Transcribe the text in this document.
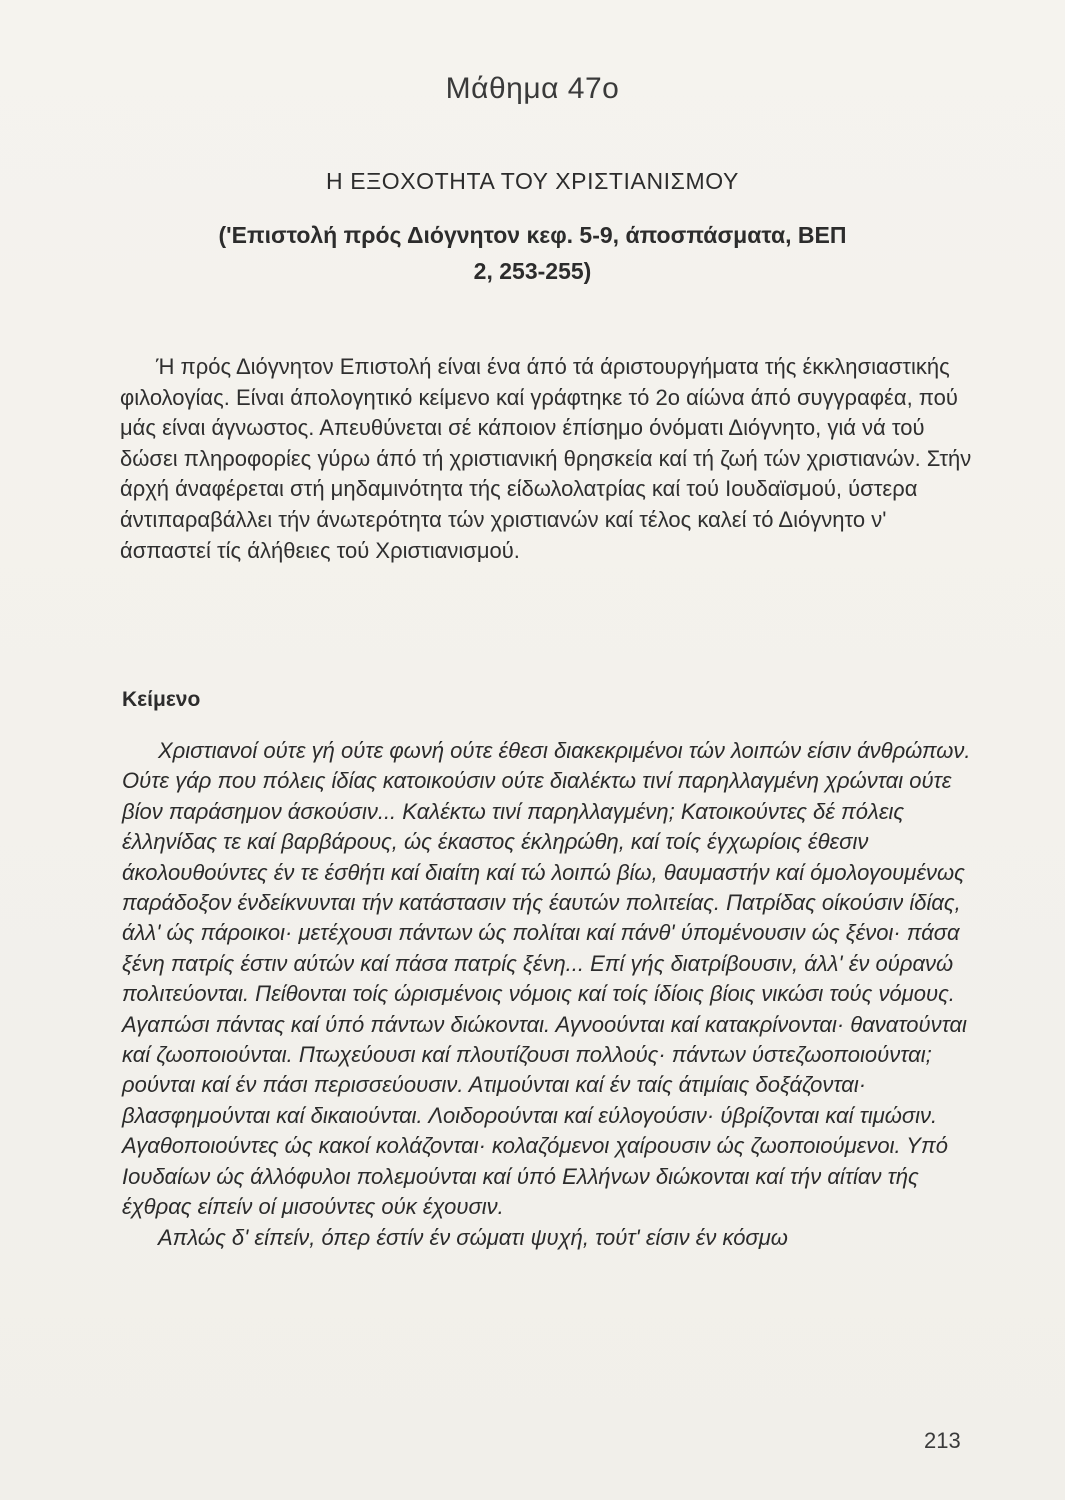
Μάθημα 47ο
Η ΕΞΟΧΟΤΗΤΑ ΤΟΥ ΧΡΙΣΤΙΑΝΙΣΜΟΥ
('Επιστολή πρός Διόγνητον κεφ. 5-9, άποσπάσματα, ΒΕΠ
2, 253-255)

Ή πρός Διόγνητον Επιστολή είναι ένα άπό τά άριστουργήματα τής έκκλησιαστικής φιλολογίας. Είναι άπολογητικό κείμενο καί γράφτηκε τό 2ο αίώνα άπό συγγραφέα, πού μάς είναι άγνωστος. Απευθύνεται σέ κάποιον έπίσημο όνόματι Διόγνητο, γιά νά τού δώσει πληροφορίες γύρω άπό τή χριστιανική θρησκεία καί τή ζωή τών χριστιανών. Στήν άρχή άναφέρεται στή μηδαμινότητα τής είδωλολατρίας καί τού Ιουδαϊσμού, ύστερα άντιπαραβάλλει τήν άνωτερότητα τών χριστιανών καί τέλος καλεί τό Διόγνητο ν' άσπαστεί τίς άλήθειες τού Χριστιανισμού.

Κείμενο

Χριστιανοί ούτε γή ούτε φωνή ούτε έθεσι διακεκριμένοι τών λοιπών είσιν άνθρώπων. Ούτε γάρ που πόλεις ίδίας κατοικούσιν ούτε διαλέκτω τινί παρηλλαγμένη χρώνται ούτε βίον παράσημον άσκούσιν... Καλέκτω τινί παρηλλαγμένη; Κατοικούντες δέ πόλεις έλληνίδας τε καί βαρβάρους, ώς έκαστος έκληρώθη, καί τοίς έγχωρίοις έθεσιν άκολουθούντες έν τε έσθήτι καί διαίτη καί τώ λοιπώ βίω, θαυμαστήν καί όμολογουμένως παράδοξον ένδείκνυνται τήν κατάστασιν τής έαυτών πολιτείας. Πατρίδας οίκούσιν ίδίας, άλλ' ώς πάροικοι· μετέχουσι πάντων ώς πολίται καί πάνθ' ύπομένουσιν ώς ξένοι· πάσα ξένη πατρίς έστιν αύτών καί πάσα πατρίς ξένη... Επί γής διατρίβουσιν, άλλ' έν ούρανώ πολιτεύονται. Πείθονται τοίς ώρισμένοις νόμοις καί τοίς ίδίοις βίοις νικώσι τούς νόμους. Αγαπώσι πάντας καί ύπό πάντων διώκονται. Αγνοούνται καί κατακρίνονται· θανατούνται καί ζωοποιούνται. Πτωχεύουσι καί πλουτίζουσι πολλούς· πάντων ύστεζωοποιούνται; ρούνται καί έν πάσι περισσεύουσιν. Ατιμούνται καί έν ταίς άτιμίαις δοξάζονται· βλασφημούνται καί δικαιούνται. Λοιδορούνται καί εύλογούσιν· ύβρίζονται καί τιμώσιν. Αγαθοποιούντες ώς κακοί κολάζονται· κολαζόμενοι χαίρουσιν ώς ζωοποιούμενοι. Υπό Ιουδαίων ώς άλλόφυλοι πολεμούνται καί ύπό Ελλήνων διώκονται καί τήν αίτίαν τής έχθρας είπείν οί μισούντες ούκ έχουσιν.

Απλώς δ' είπείν, όπερ έστίν έν σώματι ψυχή, τούτ' είσιν έν κόσμω

213
